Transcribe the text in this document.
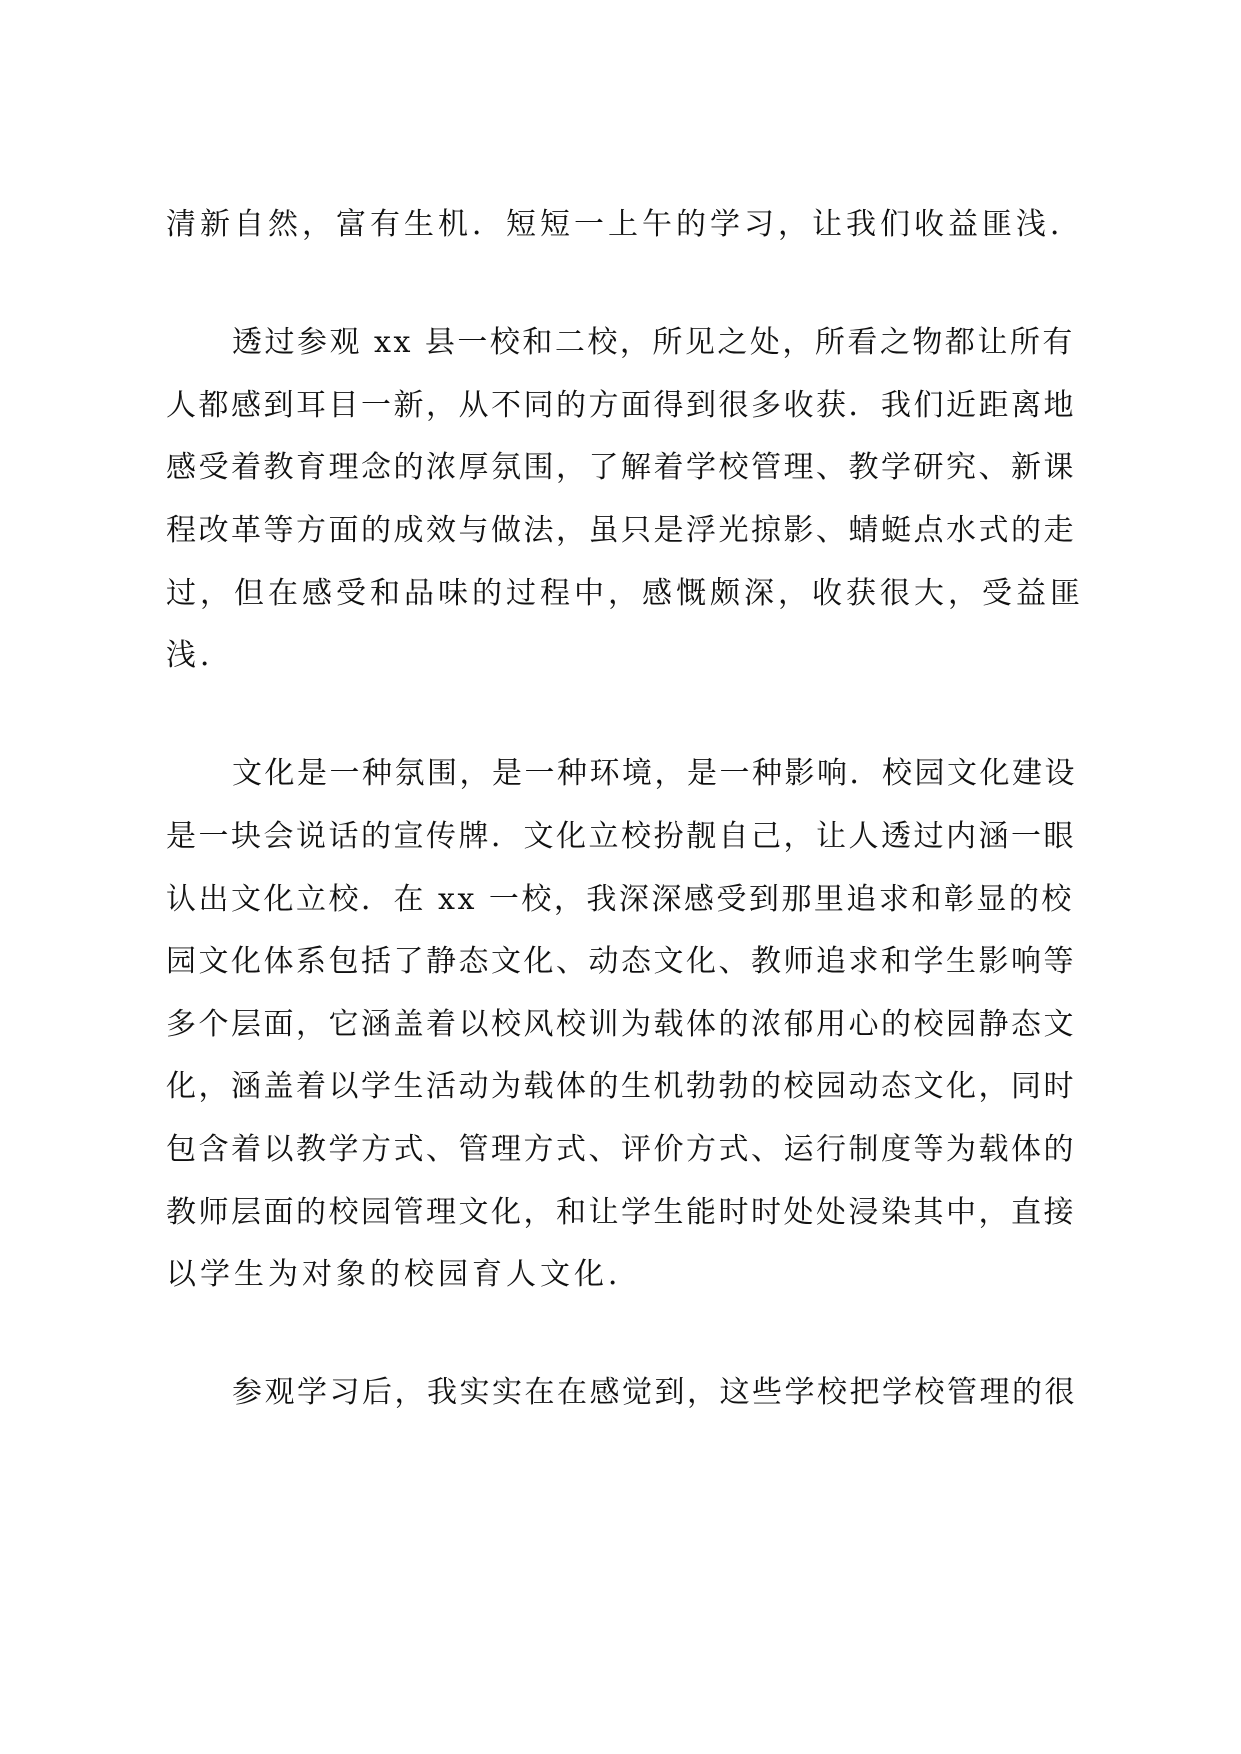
清新自然，富有生机．短短一上午的学习，让我们收益匪浅．
透过参观 xx 县一校和二校，所见之处，所看之物都让所有
人都感到耳目一新，从不同的方面得到很多收获．我们近距离地
感受着教育理念的浓厚氛围，了解着学校管理、教学研究、新课
程改革等方面的成效与做法，虽只是浮光掠影、蜻蜓点水式的走
过，但在感受和品味的过程中，感慨颇深，收获很大，受益匪
浅．
文化是一种氛围，是一种环境，是一种影响．校园文化建设
是一块会说话的宣传牌．文化立校扮靓自己，让人透过内涵一眼
认出文化立校．在 xx 一校，我深深感受到那里追求和彰显的校
园文化体系包括了静态文化、动态文化、教师追求和学生影响等
多个层面，它涵盖着以校风校训为载体的浓郁用心的校园静态文
化，涵盖着以学生活动为载体的生机勃勃的校园动态文化，同时
包含着以教学方式、管理方式、评价方式、运行制度等为载体的
教师层面的校园管理文化，和让学生能时时处处浸染其中，直接
以学生为对象的校园育人文化．
参观学习后，我实实在在感觉到，这些学校把学校管理的很
